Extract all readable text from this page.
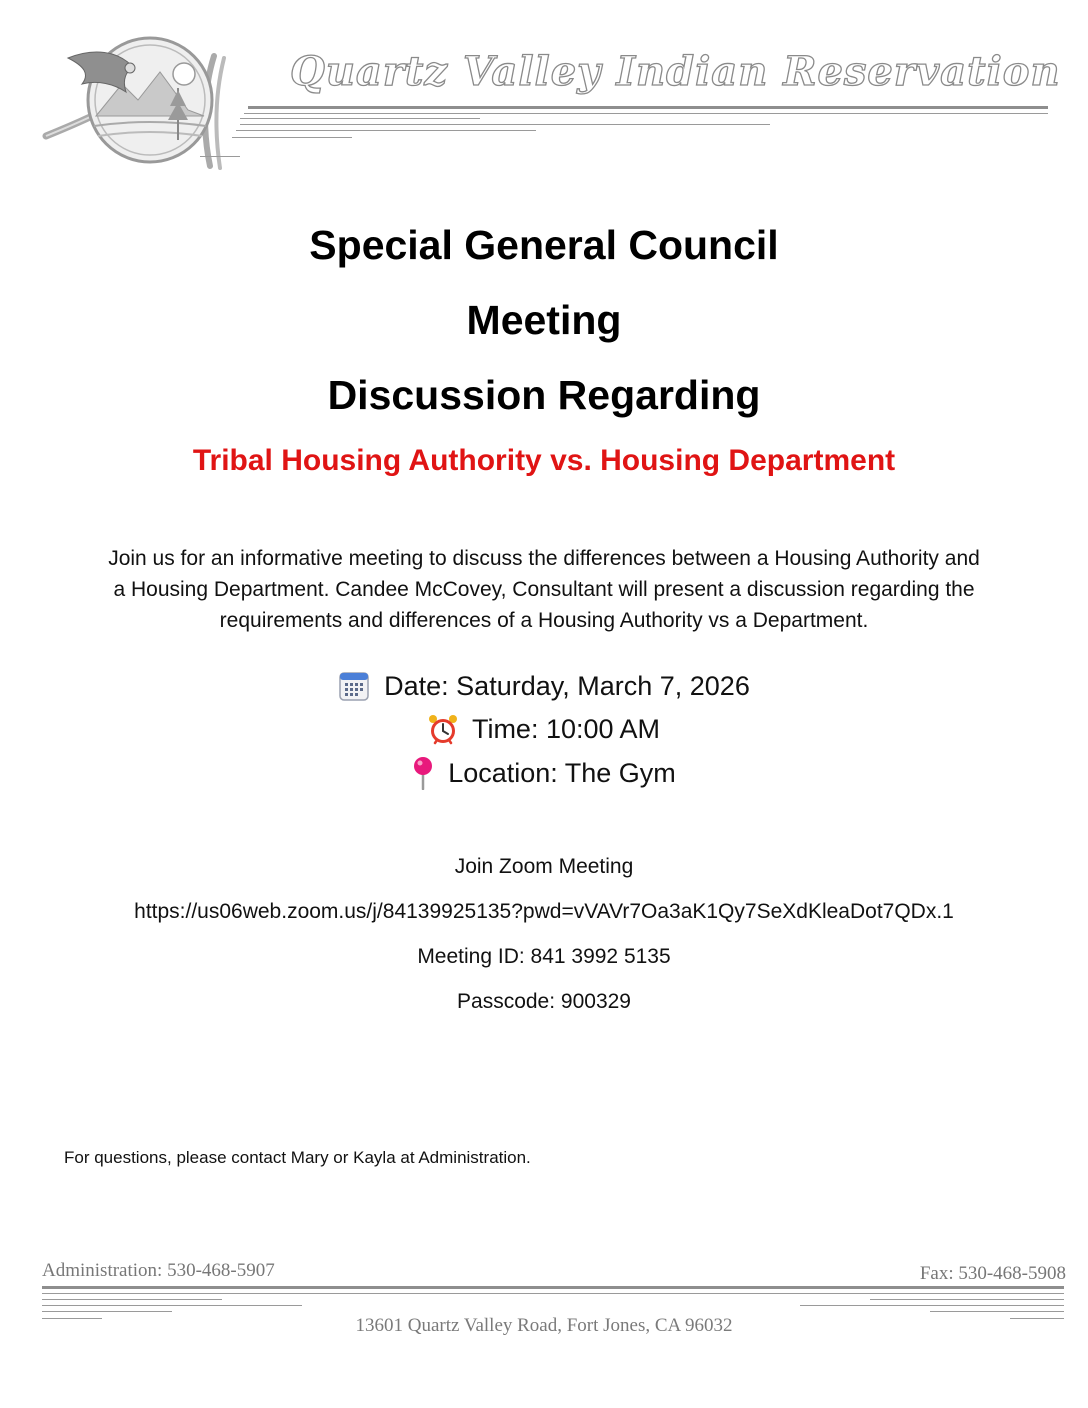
Quartz Valley Indian Reservation
Special General Council
Meeting
Discussion Regarding
Tribal Housing Authority vs. Housing Department
Join us for an informative meeting to discuss the differences between a Housing Authority and
a Housing Department. Candee McCovey, Consultant will present a discussion regarding the
requirements and differences of a Housing Authority vs a Department.
Date: Saturday, March 7, 2026
Time: 10:00 AM
Location: The Gym
Join Zoom Meeting
https://us06web.zoom.us/j/84139925135?pwd=vVAVr7Oa3aK1Qy7SeXdKleaDot7QDx.1
Meeting ID: 841 3992 5135
Passcode: 900329
For questions, please contact Mary or Kayla at Administration.
Administration: 530-468-5907	Fax: 530-468-5908
13601 Quartz Valley Road, Fort Jones, CA 96032
